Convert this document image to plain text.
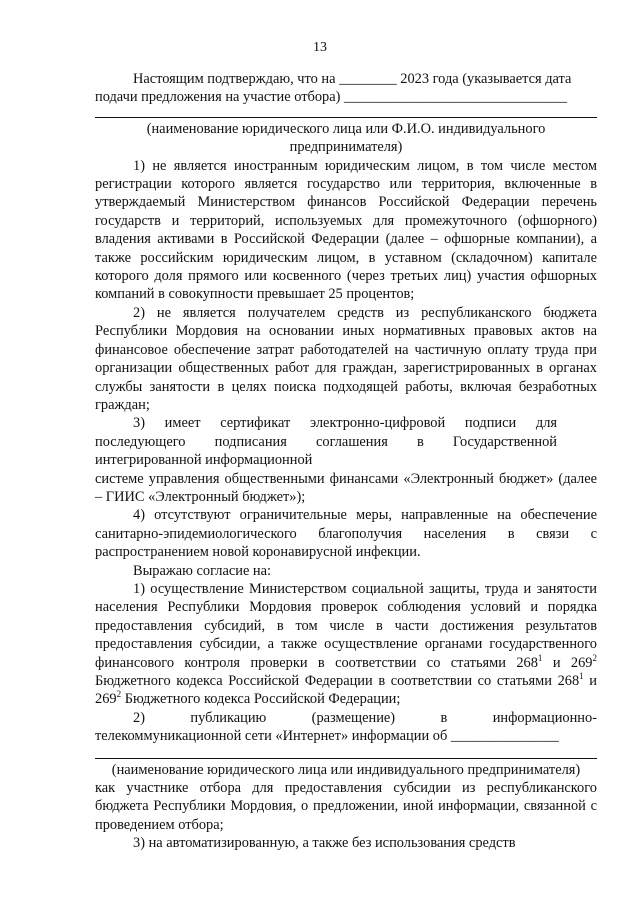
13

Настоящим подтверждаю, что на ________ 2023 года (указывается дата

подачи предложения на участие отбора) _______________________________

(наименование юридического лица или Ф.И.О. индивидуального предпринимателя)

1) не является иностранным юридическим лицом, в том числе местом регистрации которого является государство или территория, включенные в утверждаемый Министерством финансов Российской Федерации перечень государств и территорий, используемых для промежуточного (офшорного) владения активами в Российской Федерации (далее – офшорные компании), а также российским юридическим лицом, в уставном (складочном) капитале которого доля прямого или косвенного (через третьих лиц) участия офшорных компаний в совокупности превышает 25 процентов;

2) не является получателем средств из республиканского бюджета Республики Мордовия на основании иных нормативных правовых актов на финансовое обеспечение затрат работодателей на частичную оплату труда при организации общественных работ для граждан, зарегистрированных в органах службы занятости в целях поиска подходящей работы, включая безработных граждан;

3) имеет сертификат электронно-цифровой подписи для последующего подписания соглашения в Государственной интегрированной информационной

системе управления общественными финансами «Электронный бюджет» (далее – ГИИС «Электронный бюджет»);

4) отсутствуют ограничительные меры, направленные на обеспечение санитарно-эпидемиологического благополучия населения в связи с распространением новой коронавирусной инфекции.

Выражаю согласие на:

1) осуществление Министерством социальной защиты, труда и занятости населения Республики Мордовия проверок соблюдения условий и порядка предоставления субсидий, в том числе в части достижения результатов предоставления субсидии, а также осуществление органами государственного финансового контроля проверки в соответствии со статьями $268^1$ и $269^2$ Бюджетного кодекса Российской Федерации в соответствии со статьями $268^1$ и $269^2$ Бюджетного кодекса Российской Федерации;

2) публикацию (размещение) в информационно-

телекоммуникационной сети «Интернет» информации об _______________

(наименование юридического лица или индивидуального предпринимателя)

как участнике отбора для предоставления субсидии из республиканского бюджета Республики Мордовия, о предложении, иной информации, связанной с проведением отбора;

3) на автоматизированную, а также без использования средств
